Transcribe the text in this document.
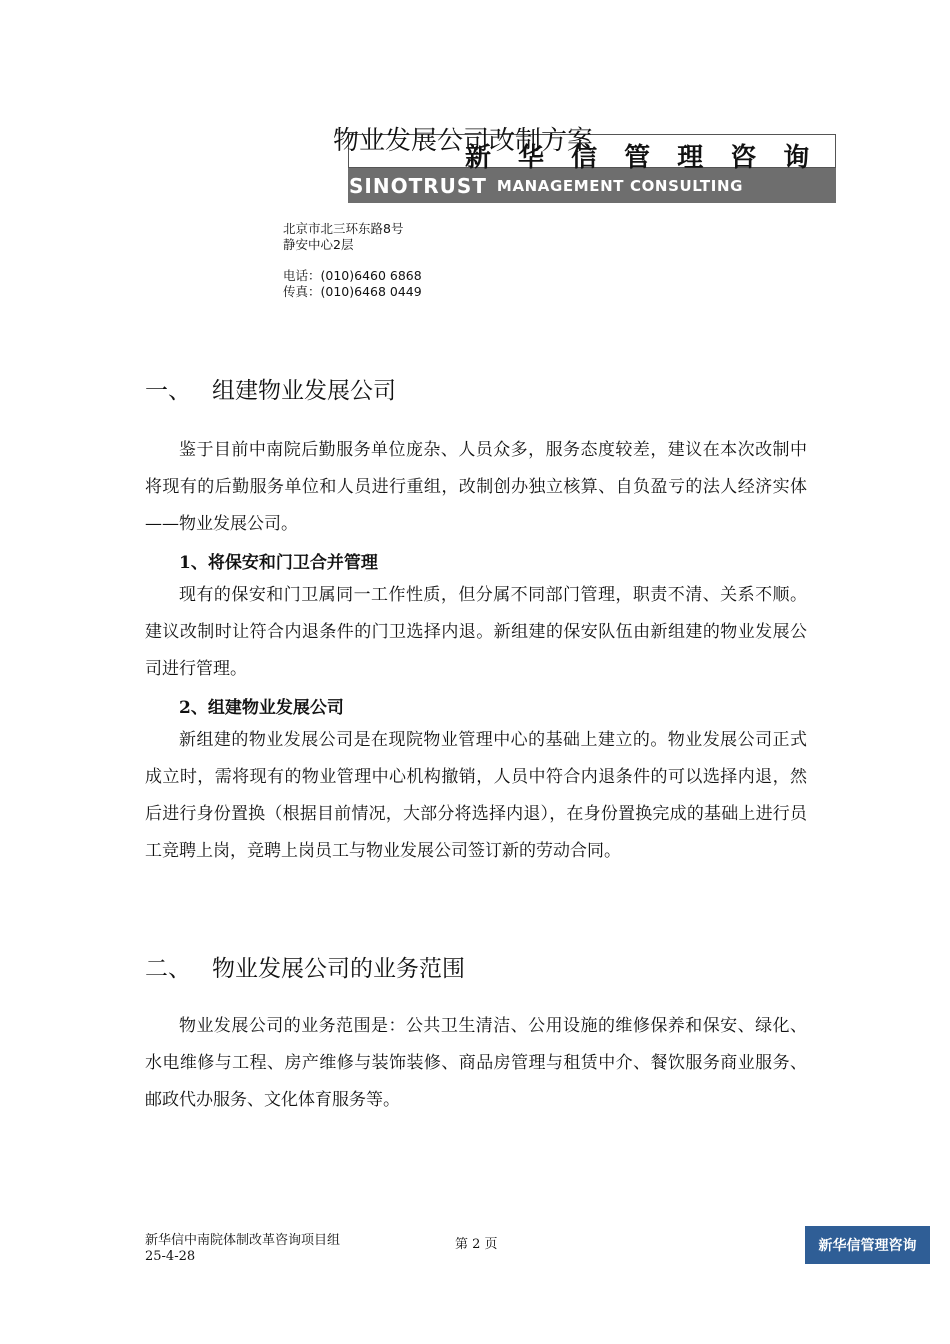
新 华 信 管 理 咨 询
物业发展公司改制方案
SINOTRUST MANAGEMENT CONSULTING
北京市北三环东路8号
静安中心2层
电话：(010)6460 6868
传真：(010)6468 0449
一、 组建物业发展公司

鉴于目前中南院后勤服务单位庞杂、人员众多，服务态度较差，建议在本次改制中将现有的后勤服务单位和人员进行重组，改制创办独立核算、自负盈亏的法人经济实体——物业发展公司。

1、将保安和门卫合并管理

现有的保安和门卫属同一工作性质，但分属不同部门管理，职责不清、关系不顺。建议改制时让符合内退条件的门卫选择内退。新组建的保安队伍由新组建的物业发展公司进行管理。

2、组建物业发展公司

新组建的物业发展公司是在现院物业管理中心的基础上建立的。物业发展公司正式成立时，需将现有的物业管理中心机构撤销，人员中符合内退条件的可以选择内退，然后进行身份置换（根据目前情况，大部分将选择内退），在身份置换完成的基础上进行员工竞聘上岗，竞聘上岗员工与物业发展公司签订新的劳动合同。

二、 物业发展公司的业务范围

物业发展公司的业务范围是：公共卫生清洁、公用设施的维修保养和保安、绿化、水电维修与工程、房产维修与装饰装修、商品房管理与租赁中介、餐饮服务商业服务、邮政代办服务、文化体育服务等。

新华信中南院体制改革咨询项目组
25-4-28
第 2 页	新华信管理咨询
